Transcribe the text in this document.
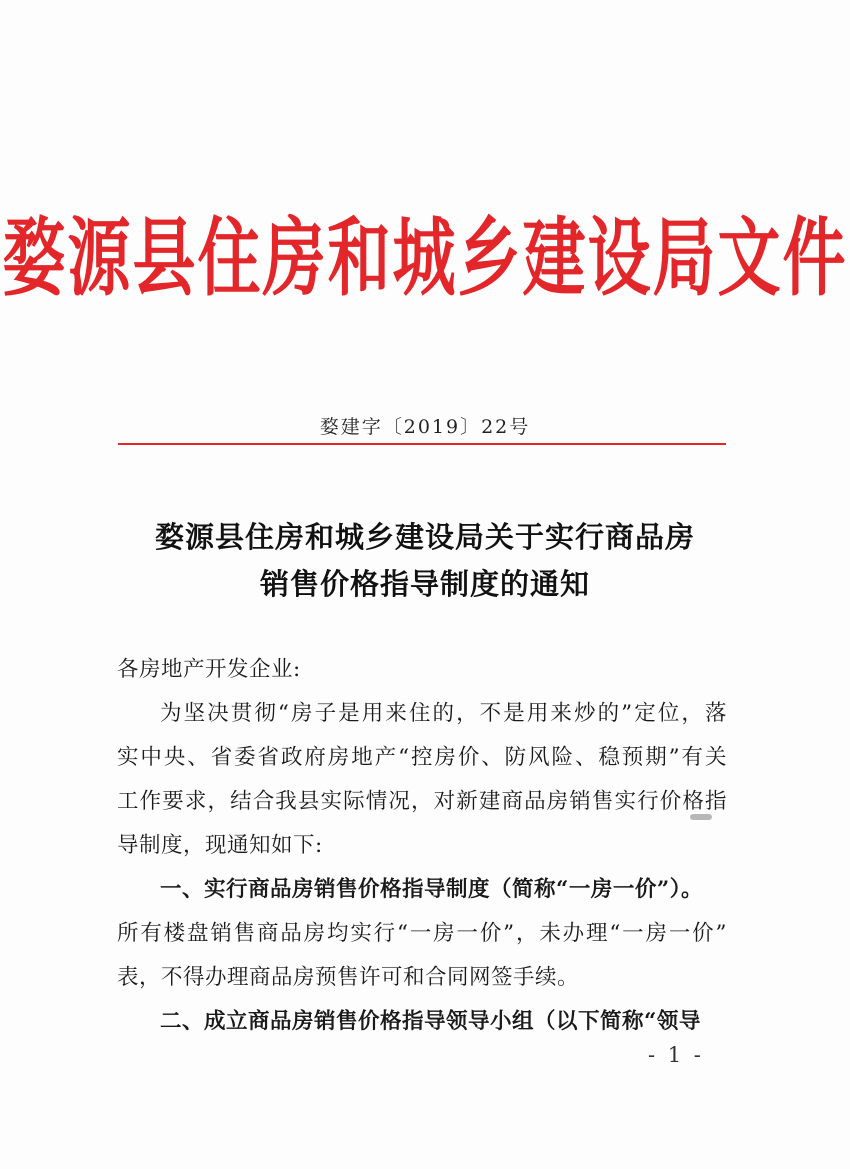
婺源县住房和城乡建设局文件
婺建字〔2019〕22号
婺源县住房和城乡建设局关于实行商品房
销售价格指导制度的通知
各房地产开发企业:
为坚决贯彻“房子是用来住的，不是用来炒的”定位，落
实中央、省委省政府房地产“控房价、防风险、稳预期”有关
工作要求，结合我县实际情况，对新建商品房销售实行价格指
导制度，现通知如下:
一、实行商品房销售价格指导制度（简称“一房一价”）。
所有楼盘销售商品房均实行“一房一价”，未办理“一房一价”
表，不得办理商品房预售许可和合同网签手续。
二、成立商品房销售价格指导领导小组（以下简称“领导
- 1 -
